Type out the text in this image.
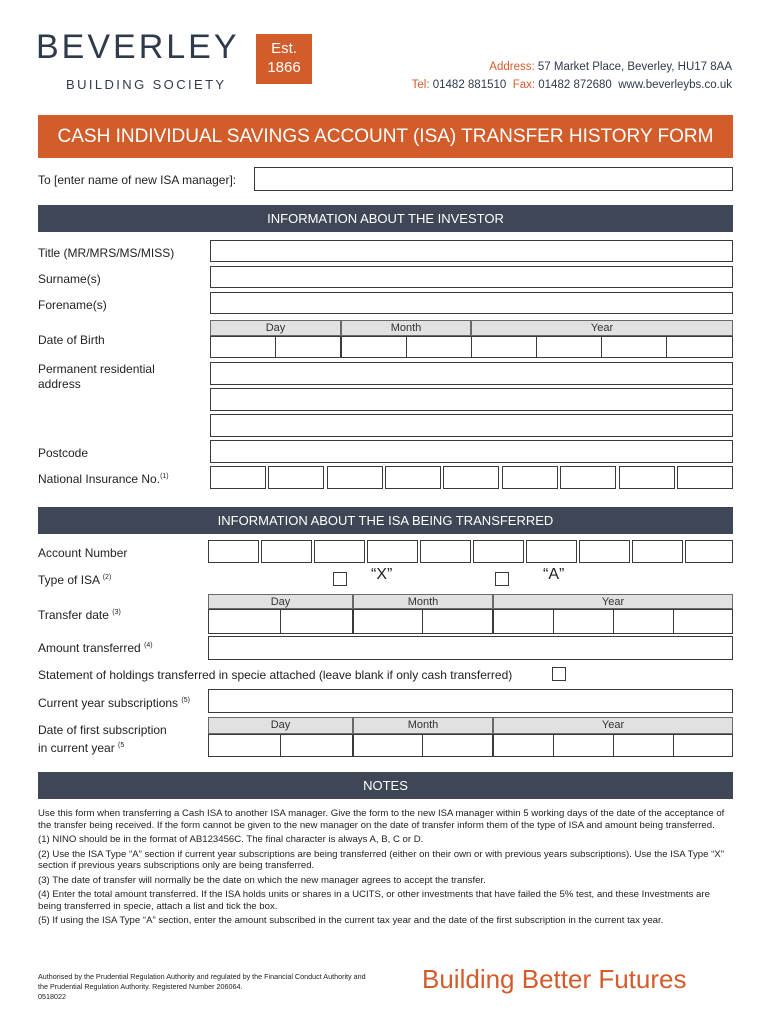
BEVERLEY
BUILDING SOCIETY
Est.
1866	Address: 57 Market Place, Beverley, HU17 8AA
Tel: 01482 881510 Fax: 01482 872680 www.beverleybs.co.uk
CASH INDIVIDUAL SAVINGS ACCOUNT (ISA) TRANSFER HISTORY FORM
To [enter name of new ISA manager]:
INFORMATION ABOUT THE INVESTOR
Title (MR/MRS/MS/MISS)
Surname(s)
Forename(s)
Date of Birth
Day	Month	Year
Permanent residential
address
Postcode
National Insurance No.$^{(1)}$
INFORMATION ABOUT THE ISA BEING TRANSFERRED
Account Number
Type of ISA $^{(2)}$	“X”	“A”
Transfer date $^{(3)}$
Day	Month	Year
Amount transferred $^{(4)}$
Statement of holdings transferred in specie attached (leave blank if only cash transferred)
Current year subscriptions $^{(5)}$
Date of first subscription
in current year $^{(5}$
Day	Month	Year
NOTES

Use this form when transferring a Cash ISA to another ISA manager. Give the form to the new ISA manager within 5 working days of the date of the acceptance of the transfer being received. If the form cannot be given to the new manager on the date of transfer inform them of the type of ISA and amount being transferred.

(1) NINO should be in the format of AB123456C. The final character is always A, B, C or D.

(2) Use the ISA Type “A” section if current year subscriptions are being transferred (either on their own or with previous years subscriptions). Use the ISA Type “X” section if previous years subscriptions only are being transferred.

(3) The date of transfer will normally be the date on which the new manager agrees to accept the transfer.

(4) Enter the total amount transferred. If the ISA holds units or shares in a UCITS, or other investments that have failed the 5% test, and these Investments are being transferred in specie, attach a list and tick the box.

(5) If using the ISA Type “A” section, enter the amount subscribed in the current tax year and the date of the first subscription in the current tax year.

Authorised by the Prudential Regulation Authority and regulated by the Financial Conduct Authority and the Prudential Regulation Authority. Registered Number 206064.
0518022
Building Better Futures
